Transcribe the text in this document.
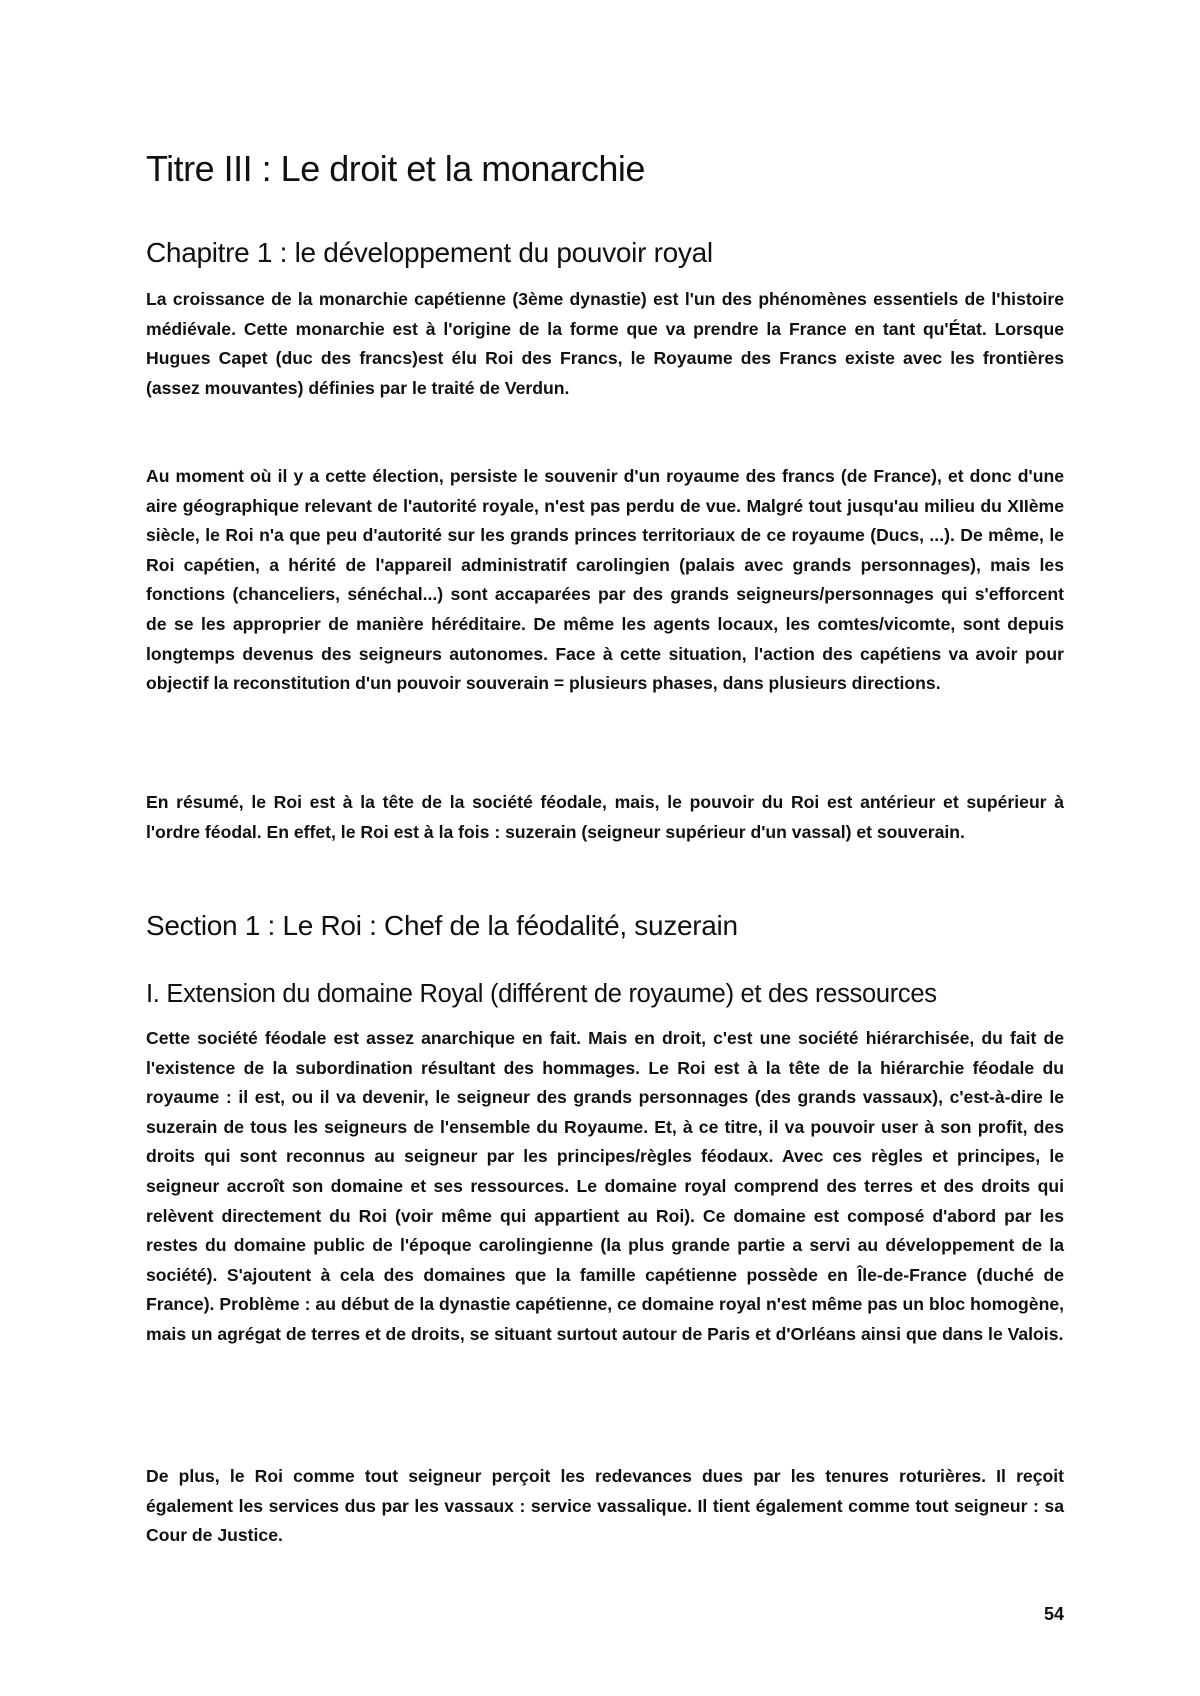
Titre III : Le droit et la monarchie
Chapitre 1 : le développement du pouvoir royal

La croissance de la monarchie capétienne (3ème dynastie) est l'un des phénomènes essentiels de l'histoire médiévale. Cette monarchie est à l'origine de la forme que va prendre la France en tant qu'État. Lorsque Hugues Capet (duc des francs)est élu Roi des Francs, le Royaume des Francs existe avec les frontières (assez mouvantes) définies par le traité de Verdun.

Au moment où il y a cette élection, persiste le souvenir d'un royaume des francs (de France), et donc d'une aire géographique relevant de l'autorité royale, n'est pas perdu de vue. Malgré tout jusqu'au milieu du XIIème siècle, le Roi n'a que peu d'autorité sur les grands princes territoriaux de ce royaume (Ducs, ...). De même, le Roi capétien, a hérité de l'appareil administratif carolingien (palais avec grands personnages), mais les fonctions (chanceliers, sénéchal...) sont accaparées par des grands seigneurs/personnages qui s'efforcent de se les approprier de manière héréditaire. De même les agents locaux, les comtes/vicomte, sont depuis longtemps devenus des seigneurs autonomes. Face à cette situation, l'action des capétiens va avoir pour objectif la reconstitution d'un pouvoir souverain = plusieurs phases, dans plusieurs directions.

En résumé, le Roi est à la tête de la société féodale, mais, le pouvoir du Roi est antérieur et supérieur à l'ordre féodal. En effet, le Roi est à la fois : suzerain (seigneur supérieur d'un vassal) et souverain.

Section 1 : Le Roi : Chef de la féodalité, suzerain
I. Extension du domaine Royal (différent de royaume) et des ressources

Cette société féodale est assez anarchique en fait. Mais en droit, c'est une société hiérarchisée, du fait de l'existence de la subordination résultant des hommages. Le Roi est à la tête de la hiérarchie féodale du royaume : il est, ou il va devenir, le seigneur des grands personnages (des grands vassaux), c'est-à-dire le suzerain de tous les seigneurs de l'ensemble du Royaume. Et, à ce titre, il va pouvoir user à son profit, des droits qui sont reconnus au seigneur par les principes/règles féodaux. Avec ces règles et principes, le seigneur accroît son domaine et ses ressources. Le domaine royal comprend des terres et des droits qui relèvent directement du Roi (voir même qui appartient au Roi). Ce domaine est composé d'abord par les restes du domaine public de l'époque carolingienne (la plus grande partie a servi au développement de la société). S'ajoutent à cela des domaines que la famille capétienne possède en Île-de-France (duché de France). Problème : au début de la dynastie capétienne, ce domaine royal n'est même pas un bloc homogène, mais un agrégat de terres et de droits, se situant surtout autour de Paris et d'Orléans ainsi que dans le Valois.

De plus, le Roi comme tout seigneur perçoit les redevances dues par les tenures roturières. Il reçoit également les services dus par les vassaux : service vassalique. Il tient également comme tout seigneur : sa Cour de Justice.

54
